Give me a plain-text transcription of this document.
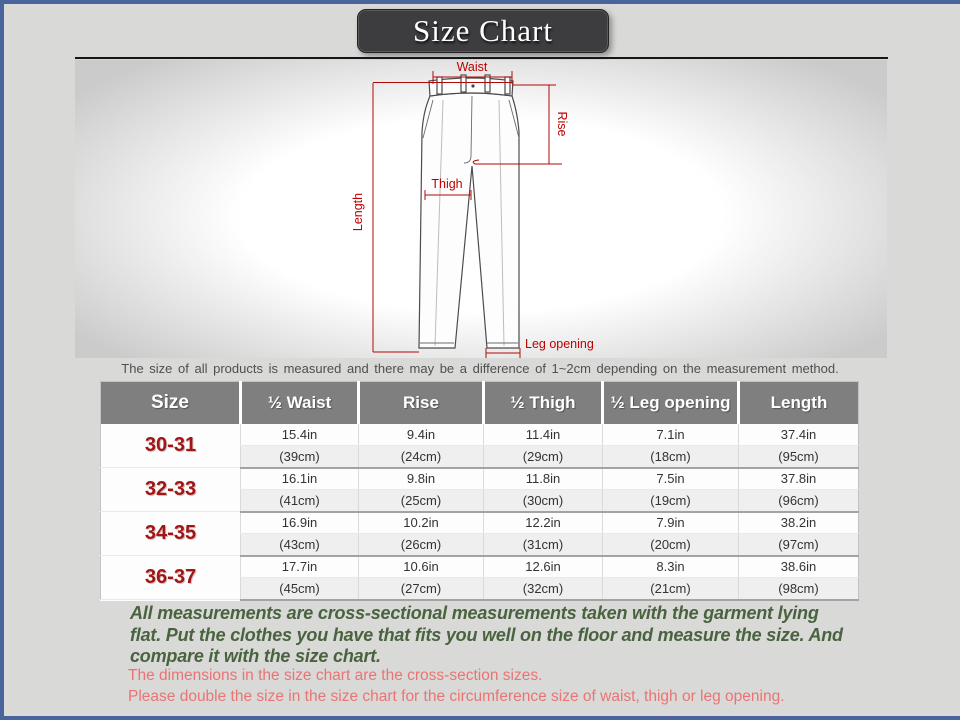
Size Chart
Waist
Length
Rise
Thigh
Leg opening
The size of all products is measured and there may be a difference of 1~2cm depending on the measurement method.
Size	½ Waist	Rise	½ Thigh	½ Leg opening	Length
30-31	15.4in	9.4in	11.4in	7.1in	37.4in
	(39cm)	(24cm)	(29cm)	(18cm)	(95cm)
32-33	16.1in	9.8in	11.8in	7.5in	37.8in
	(41cm)	(25cm)	(30cm)	(19cm)	(96cm)
34-35	16.9in	10.2in	12.2in	7.9in	38.2in
	(43cm)	(26cm)	(31cm)	(20cm)	(97cm)
36-37	17.7in	10.6in	12.6in	8.3in	38.6in
	(45cm)	(27cm)	(32cm)	(21cm)	(98cm)
All measurements are cross-sectional measurements taken with the garment lying
flat. Put the clothes you have that fits you well on the floor and measure the size. And
compare it with the size chart.
The dimensions in the size chart are the cross-section sizes.
Please double the size in the size chart for the circumference size of waist, thigh or leg opening.
